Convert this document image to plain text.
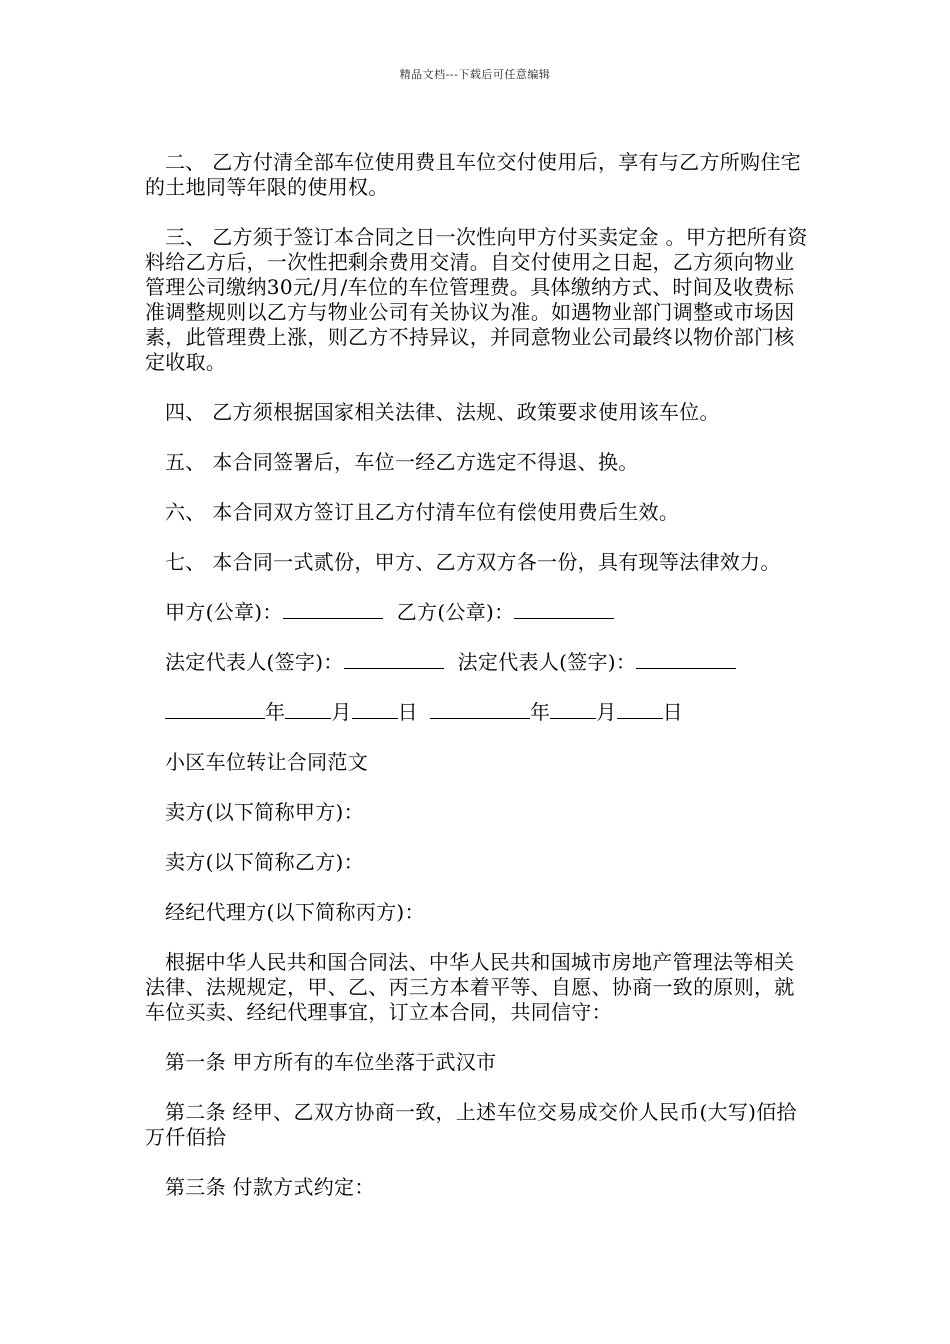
精品文档---下载后可任意编辑

二、 乙方付清全部车位使用费且车位交付使用后，享有与乙方所购住宅的土地同等年限的使用权。

三、 乙方须于签订本合同之日一次性向甲方付买卖定金 。甲方把所有资料给乙方后，一次性把剩余费用交清。自交付使用之日起，乙方须向物业管理公司缴纳30元/月/车位的车位管理费。具体缴纳方式、时间及收费标准调整规则以乙方与物业公司有关协议为准。如遇物业部门调整或市场因素，此管理费上涨，则乙方不持异议，并同意物业公司最终以物价部门核定收取。

四、 乙方须根据国家相关法律、法规、政策要求使用该车位。

五、 本合同签署后，车位一经乙方选定不得退、换。

六、 本合同双方签订且乙方付清车位有偿使用费后生效。

七、 本合同一式贰份，甲方、乙方双方各一份，具有现等法律效力。

甲方(公章)：	乙方(公章)：

法定代表人(签字)：	法定代表人(签字)：

年 月 日	年 月 日

小区车位转让合同范文

卖方(以下简称甲方)：

卖方(以下简称乙方)：

经纪代理方(以下简称丙方)：

根据中华人民共和国合同法、中华人民共和国城市房地产管理法等相关法律、法规规定，甲、乙、丙三方本着平等、自愿、协商一致的原则，就车位买卖、经纪代理事宜，订立本合同，共同信守：

第一条 甲方所有的车位坐落于武汉市

第二条 经甲、乙双方协商一致，上述车位交易成交价人民币(大写)佰拾万仟佰拾

第三条 付款方式约定：
